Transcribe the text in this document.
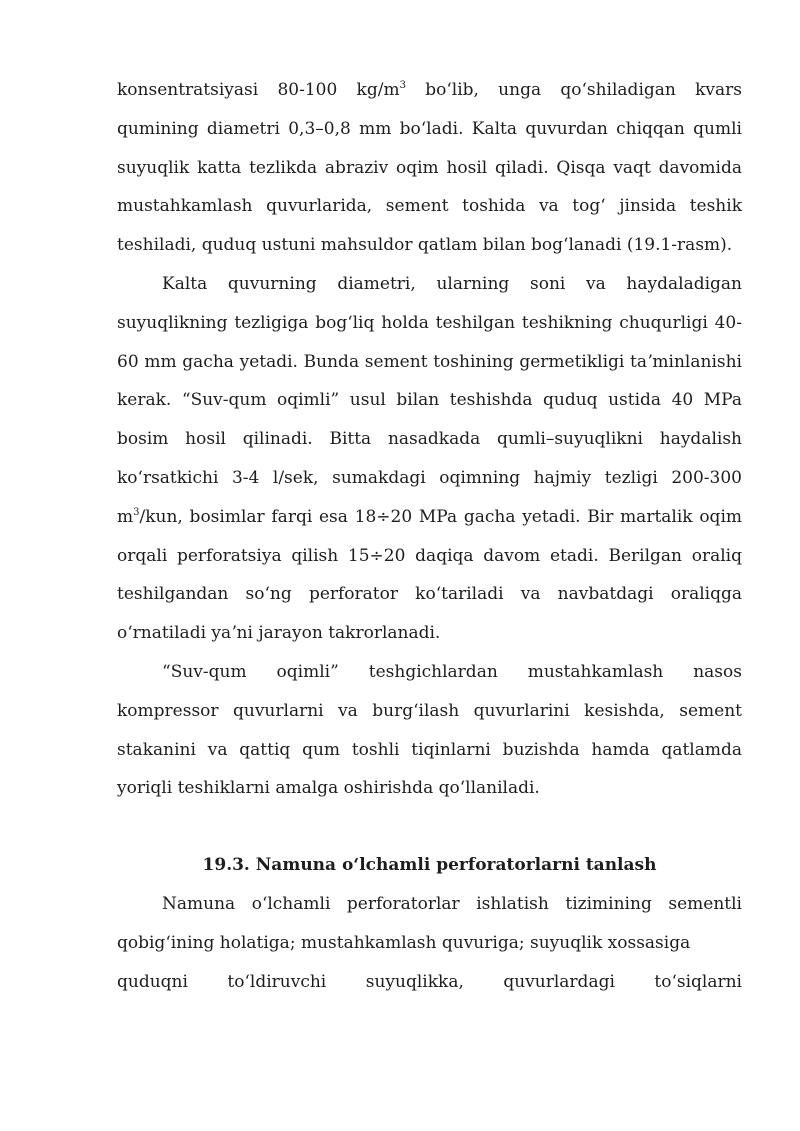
konsentratsiyasi 80-100 $kg/m^3$ boʻlib, unga qoʻshiladigan kvars qumining diametri 0,3–0,8 mm boʻladi. Kalta quvurdan chiqqan qumli suyuqlik katta tezlikda abraziv oqim hosil qiladi. Qisqa vaqt davomida mustahkamlash quvurlarida, sement toshida va togʻ jinsida teshik teshiladi, quduq ustuni mahsuldor qatlam bilan bogʻlanadi (19.1-rasm).

Kalta quvurning diametri, ularning soni va haydaladigan suyuqlikning tezligiga bogʻliq holda teshilgan teshikning chuqurligi 40-60 mm gacha yetadi. Bunda sement toshining germetikligi taʼminlanishi kerak. “Suv-qum oqimli” usul bilan teshishda quduq ustida 40 MPa bosim hosil qilinadi. Bitta nasadkada qumli–suyuqlikni haydalish koʻrsatkichi 3-4 l/sek, sumakdagi oqimning hajmiy tezligi 200-300 $m^3$/kun, bosimlar farqi esa 18÷20 MPa gacha yetadi. Bir martalik oqim orqali perforatsiya qilish 15÷20 daqiqa davom etadi. Berilgan oraliq teshilgandan soʻng perforator koʻtariladi va navbatdagi oraliqga oʻrnatiladi yaʼni jarayon takrorlanadi.

“Suv-qum oqimli” teshgichlardan mustahkamlash nasos kompressor quvurlarni va burgʻilash quvurlarini kesishda, sement stakanini va qattiq qum toshli tiqinlarni buzishda hamda qatlamda yoriqli teshiklarni amalga oshirishda qoʻllaniladi.

19.3. Namuna oʻlchamli perforatorlarni tanlash

Namuna oʻlchamli perforatorlar ishlatish tizimining sementli qobigʻining holatiga; mustahkamlash quvuriga; suyuqlik xossasiga

quduqni toʻldiruvchi suyuqlikka, quvurlardagi toʻsiqlarni
